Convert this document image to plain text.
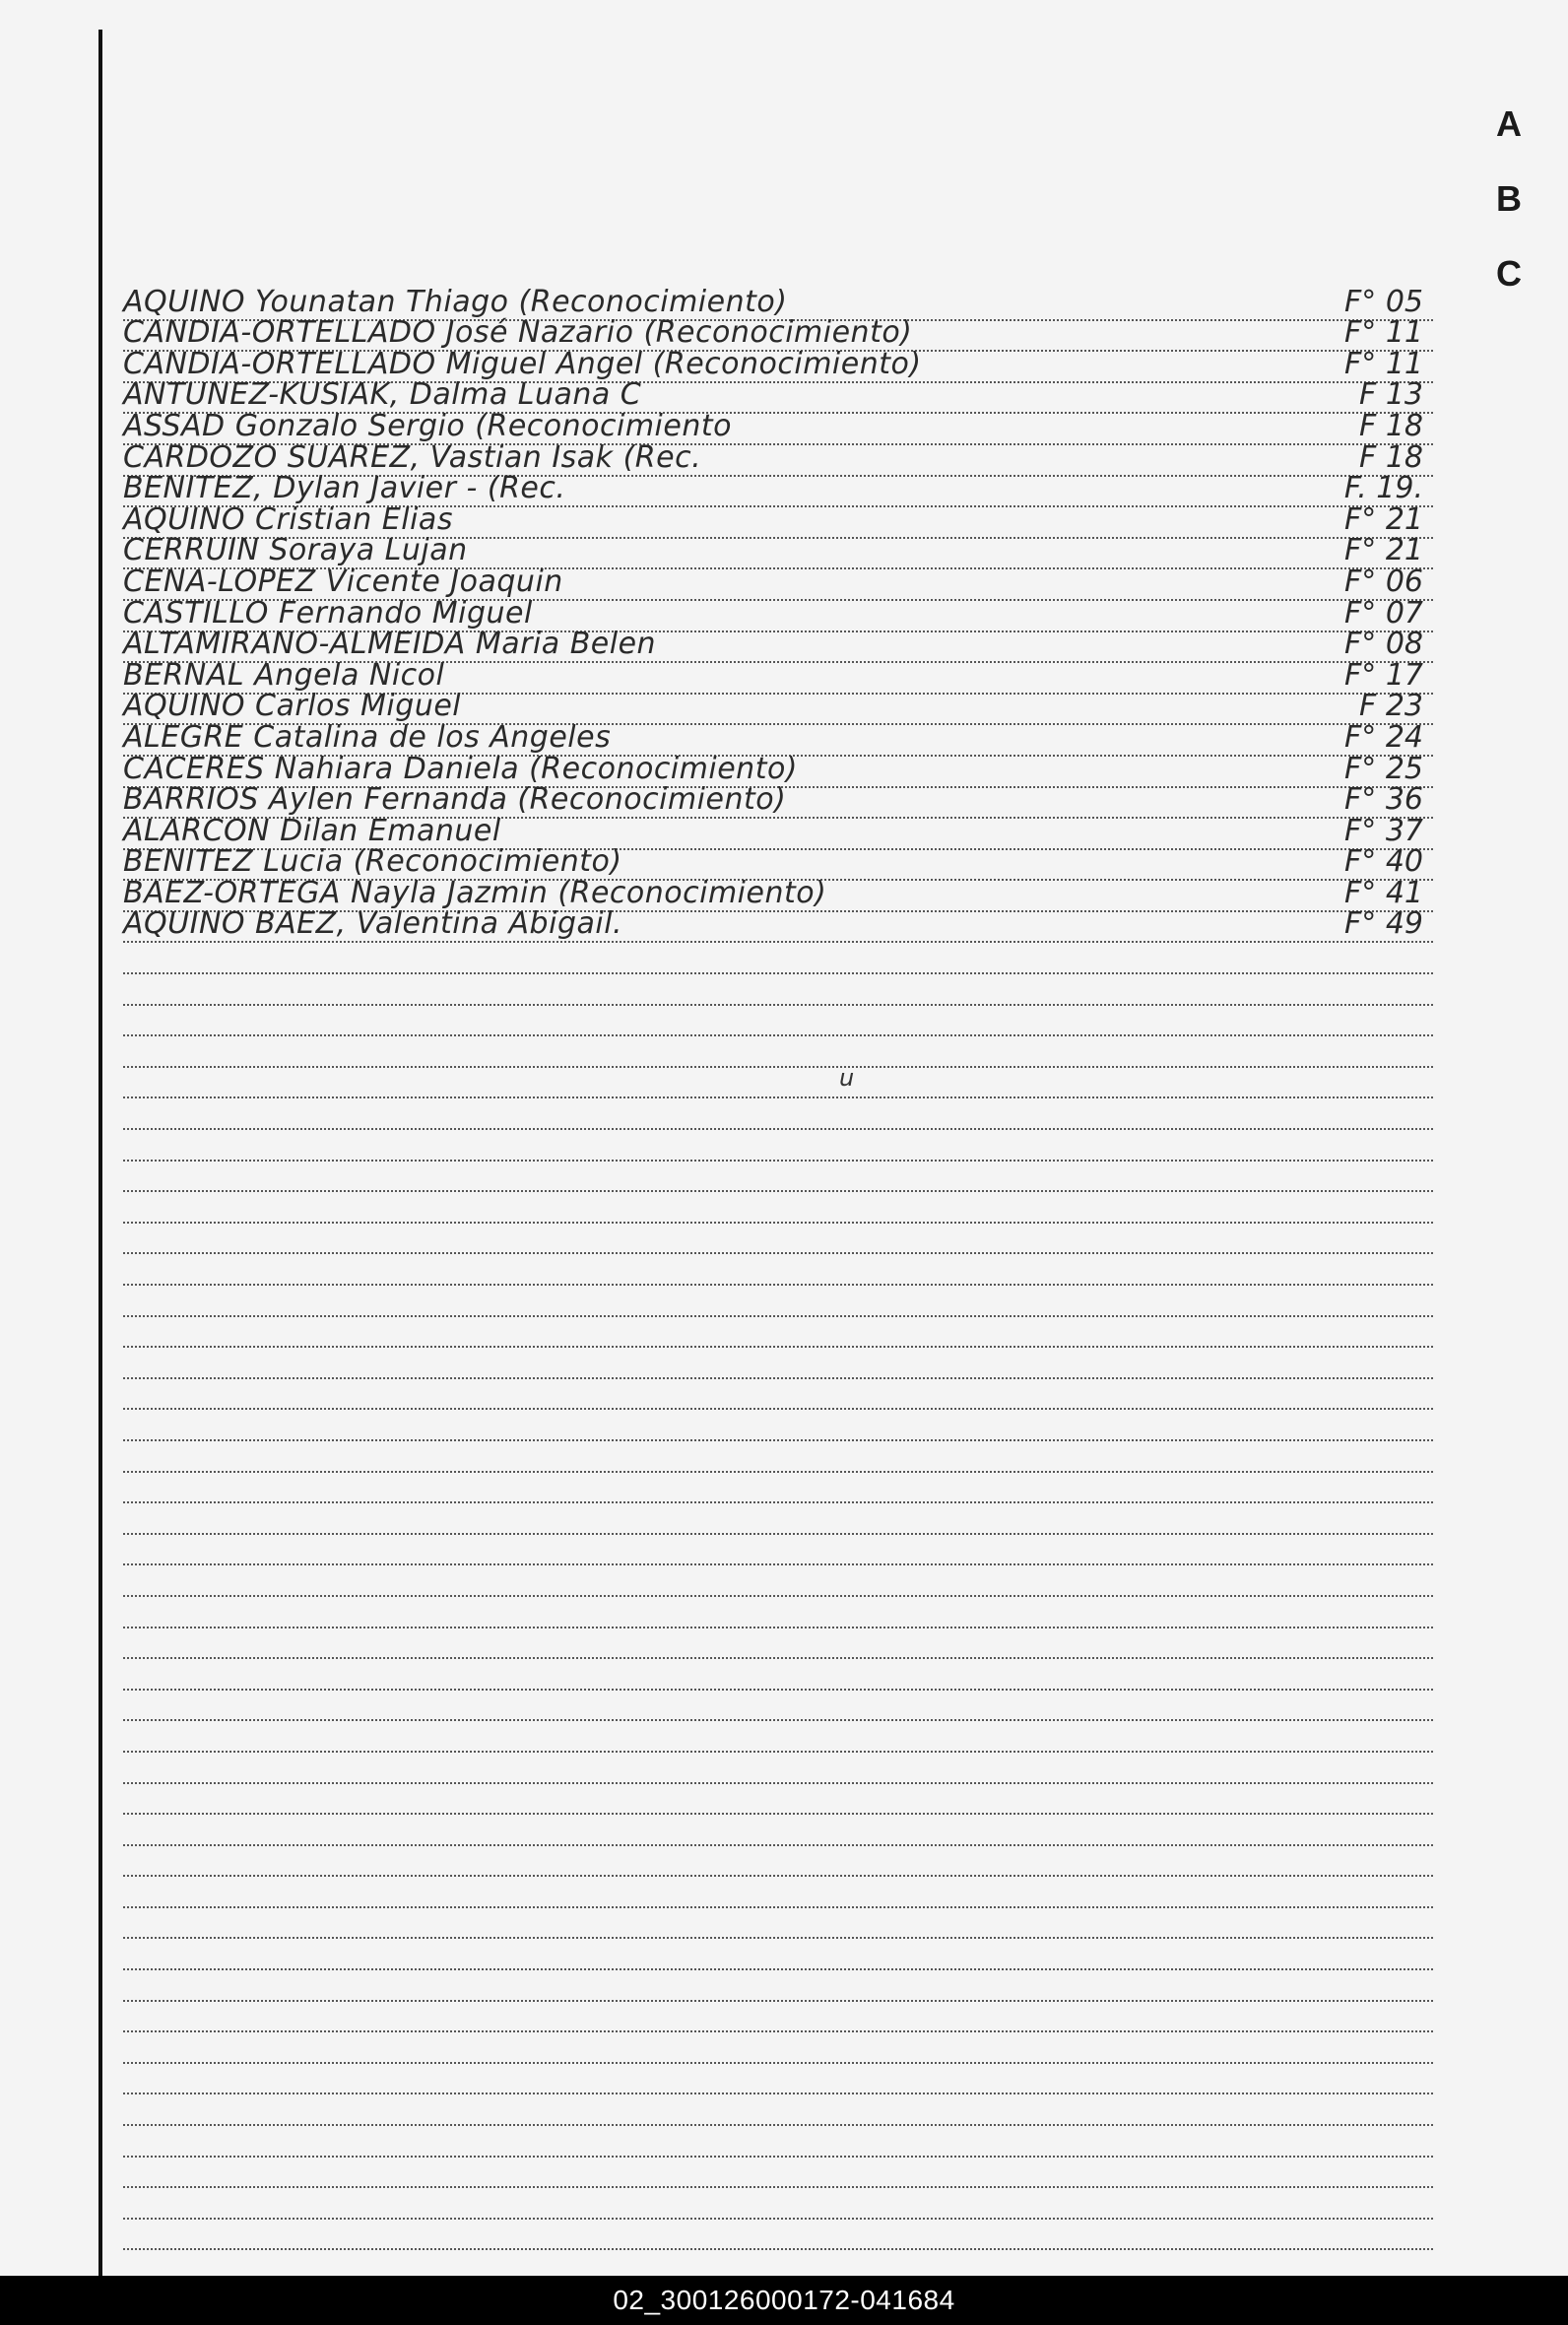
A
B
C
AQUINO Younatan Thiago (Reconocimiento)	F° 05
CANDIA-ORTELLADO José Nazario (Reconocimiento)	F° 11
CANDIA-ORTELLADO Miguel Angel (Reconocimiento)	F° 11
ANTUNEZ-KUSIAK, Dalma Luana C	F 13
ASSAD Gonzalo Sergio (Reconocimiento	F 18
CARDOZO SUAREZ, Vastian Isak (Rec.	F 18
BENITEZ, Dylan Javier - (Rec.	F. 19.
AQUINO Cristian Elias	F° 21
CERRUIN Soraya Lujan	F° 21
CENA-LOPEZ Vicente Joaquin	F° 06
CASTILLO Fernando Miguel	F° 07
ALTAMIRANO-ALMEIDA Maria Belen	F° 08
BERNAL Angela Nicol	F° 17
AQUINO Carlos Miguel	F 23
ALEGRE Catalina de los Angeles	F° 24
CACERES Nahiara Daniela (Reconocimiento)	F° 25
BARRIOS Aylen Fernanda (Reconocimiento)	F° 36
ALARCON Dilan Emanuel	F° 37
BENITEZ Lucia (Reconocimiento)	F° 40
BAEZ-ORTEGA Nayla Jazmin (Reconocimiento)	F° 41
AQUINO BAEZ, Valentina Abigail.	F° 49
u
02_300126000172-041684
